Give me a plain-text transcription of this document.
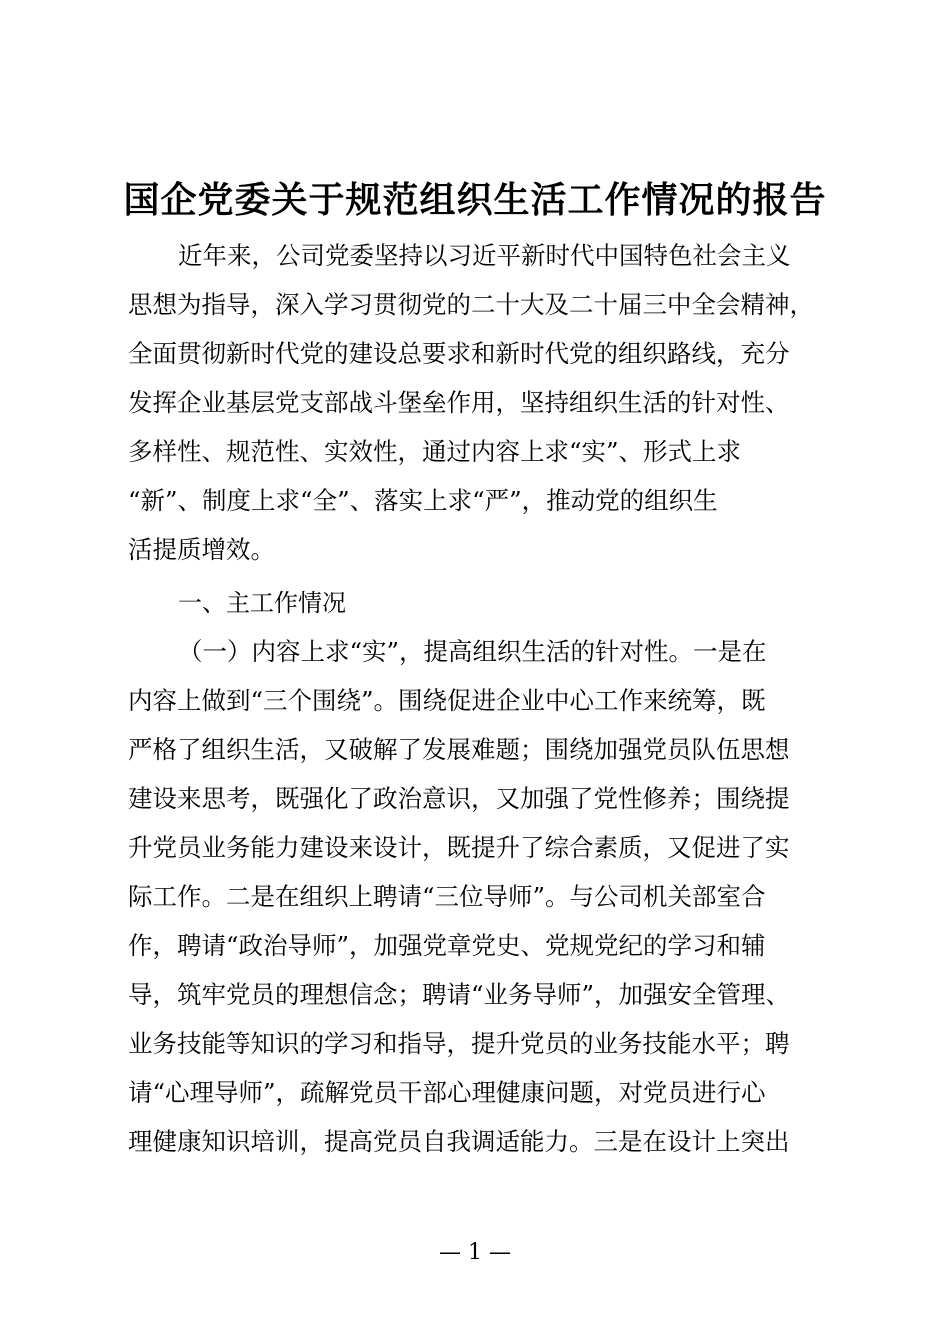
国企党委关于规范组织生活工作情况的报告
近年来，公司党委坚持以习近平新时代中国特色社会主义
思想为指导，深入学习贯彻党的二十大及二十届三中全会精神，
全面贯彻新时代党的建设总要求和新时代党的组织路线，充分
发挥企业基层党支部战斗堡垒作用，坚持组织生活的针对性、
多样性、规范性、实效性，通过内容上求“实”、形式上求
“新”、制度上求“全”、落实上求“严”，推动党的组织生
活提质增效。
一、主工作情况
（一）内容上求“实”，提高组织生活的针对性。一是在
内容上做到“三个围绕”。围绕促进企业中心工作来统筹，既
严格了组织生活，又破解了发展难题；围绕加强党员队伍思想
建设来思考，既强化了政治意识，又加强了党性修养；围绕提
升党员业务能力建设来设计，既提升了综合素质，又促进了实
际工作。二是在组织上聘请“三位导师”。与公司机关部室合
作，聘请“政治导师”，加强党章党史、党规党纪的学习和辅
导，筑牢党员的理想信念；聘请“业务导师”，加强安全管理、
业务技能等知识的学习和指导，提升党员的业务技能水平；聘
请“心理导师”，疏解党员干部心理健康问题，对党员进行心
理健康知识培训，提高党员自我调适能力。三是在设计上突出
— 1 —
